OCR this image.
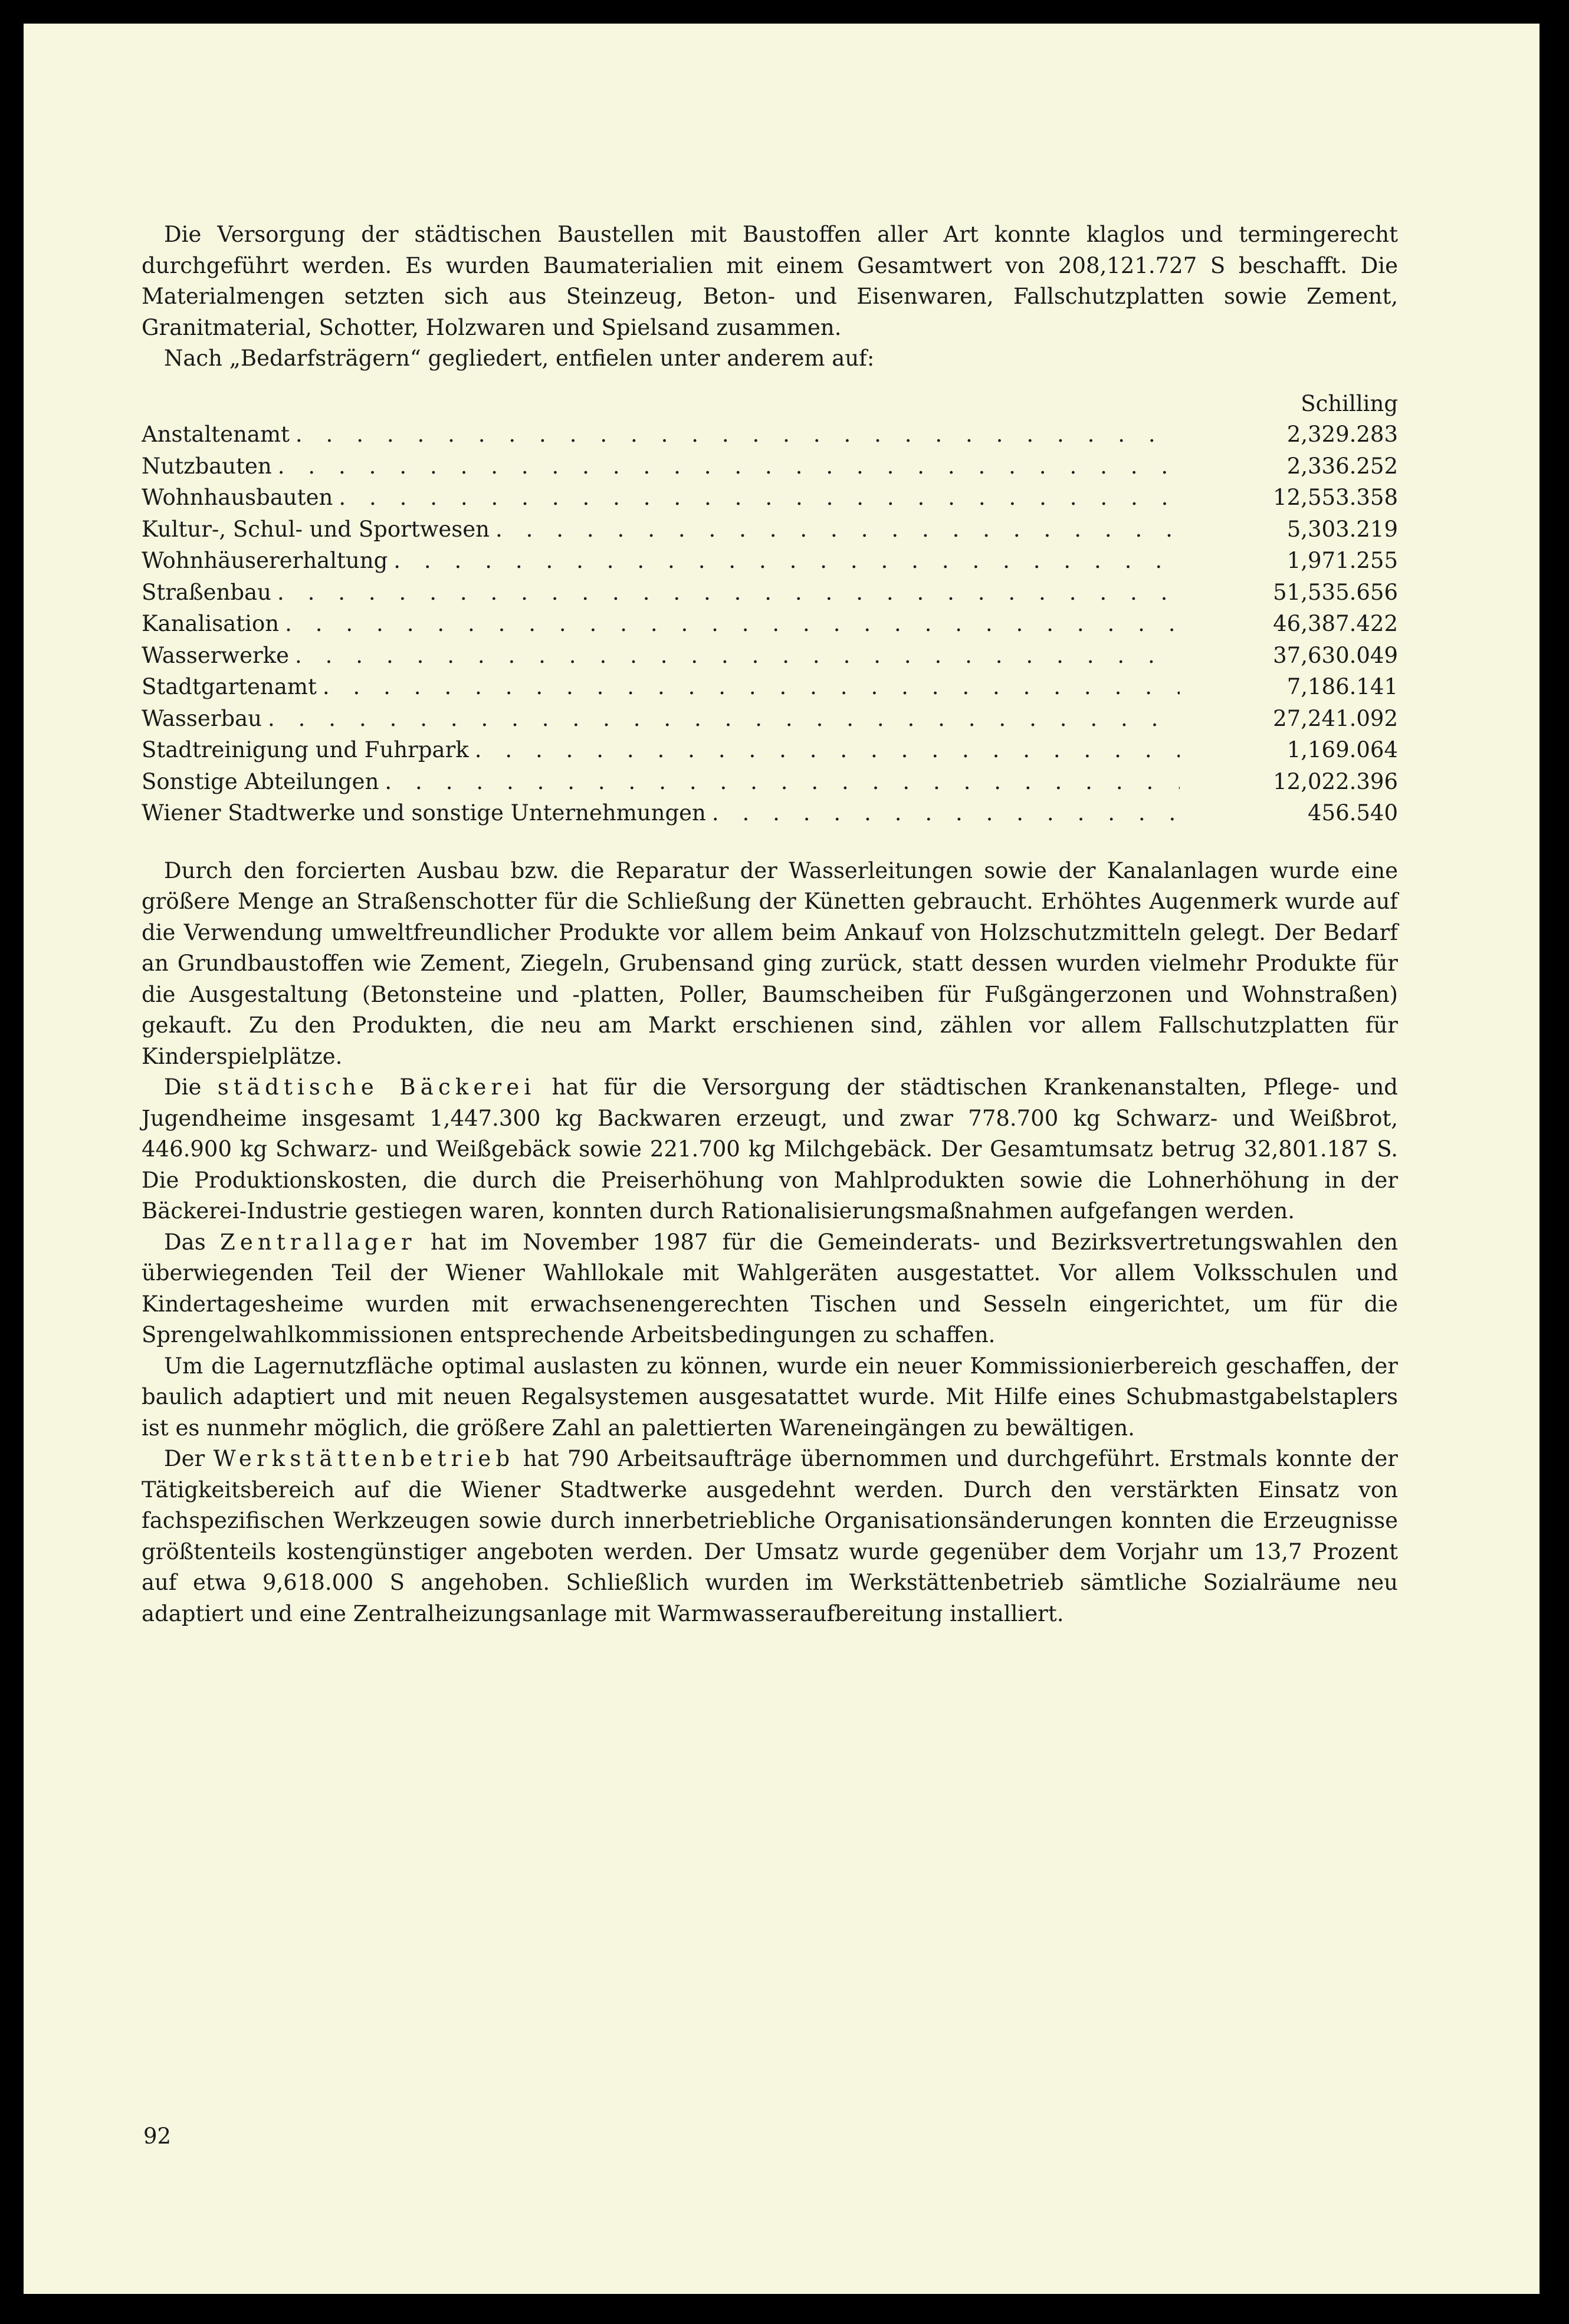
Die Versorgung der städtischen Baustellen mit Baustoffen aller Art konnte klaglos und termingerecht durchgeführt werden. Es wurden Baumaterialien mit einem Gesamtwert von 208,121.727 S beschafft. Die Materialmengen setzten sich aus Steinzeug, Beton- und Eisenwaren, Fallschutzplatten sowie Zement, Granitmaterial, Schotter, Holzwaren und Spielsand zusammen.

Nach „Bedarfsträgern“ gegliedert, entfielen unter anderem auf:

Schilling
Anstaltenamt . . .	2,329.283
Nutzbauten . . .	2,336.252
Wohnhausbauten . . .	12,553.358
Kultur-, Schul- und Sportwesen . . .	5,303.219
Wohnhäusererhaltung . . .	1,971.255
Straßenbau . . .	51,535.656
Kanalisation . . .	46,387.422
Wasserwerke . . .	37,630.049
Stadtgartenamt . . .	7,186.141
Wasserbau . . .	27,241.092
Stadtreinigung und Fuhrpark . . .	1,169.064
Sonstige Abteilungen . . .	12,022.396
Wiener Stadtwerke und sonstige Unternehmungen . . .	456.540

Durch den forcierten Ausbau bzw. die Reparatur der Wasserleitungen sowie der Kanalanlagen wurde eine größere Menge an Straßenschotter für die Schließung der Künetten gebraucht. Erhöhtes Augenmerk wurde auf die Verwendung umweltfreundlicher Produkte vor allem beim Ankauf von Holzschutzmitteln gelegt. Der Bedarf an Grundbaustoffen wie Zement, Ziegeln, Grubensand ging zurück, statt dessen wurden vielmehr Produkte für die Ausgestaltung (Betonsteine und -platten, Poller, Baumscheiben für Fußgängerzonen und Wohnstraßen) gekauft. Zu den Produkten, die neu am Markt erschienen sind, zählen vor allem Fallschutzplatten für Kinderspielplätze.

Die städtische Bäckerei hat für die Versorgung der städtischen Krankenanstalten, Pflege- und Jugendheime insgesamt 1,447.300 kg Backwaren erzeugt, und zwar 778.700 kg Schwarz- und Weißbrot, 446.900 kg Schwarz- und Weißgebäck sowie 221.700 kg Milchgebäck. Der Gesamtumsatz betrug 32,801.187 S. Die Produktionskosten, die durch die Preiserhöhung von Mahlprodukten sowie die Lohnerhöhung in der Bäckerei-Industrie gestiegen waren, konnten durch Rationalisierungsmaßnahmen aufgefangen werden.

Das Zentrallager hat im November 1987 für die Gemeinderats- und Bezirksvertretungswahlen den überwiegenden Teil der Wiener Wahllokale mit Wahlgeräten ausgestattet. Vor allem Volksschulen und Kindertagesheime wurden mit erwachsenengerechten Tischen und Sesseln eingerichtet, um für die Sprengelwahlkommissionen entsprechende Arbeitsbedingungen zu schaffen.

Um die Lagernutzfläche optimal auslasten zu können, wurde ein neuer Kommissionierbereich geschaffen, der baulich adaptiert und mit neuen Regalsystemen ausgesatattet wurde. Mit Hilfe eines Schubmastgabelstaplers ist es nunmehr möglich, die größere Zahl an palettierten Wareneingängen zu bewältigen.

Der Werkstättenbetrieb hat 790 Arbeitsaufträge übernommen und durchgeführt. Erstmals konnte der Tätigkeitsbereich auf die Wiener Stadtwerke ausgedehnt werden. Durch den verstärkten Einsatz von fachspezifischen Werkzeugen sowie durch innerbetriebliche Organisationsänderungen konnten die Erzeugnisse größtenteils kostengünstiger angeboten werden. Der Umsatz wurde gegenüber dem Vorjahr um 13,7 Prozent auf etwa 9,618.000 S angehoben. Schließlich wurden im Werkstättenbetrieb sämtliche Sozialräume neu adaptiert und eine Zentralheizungsanlage mit Warmwasseraufbereitung installiert.

92
